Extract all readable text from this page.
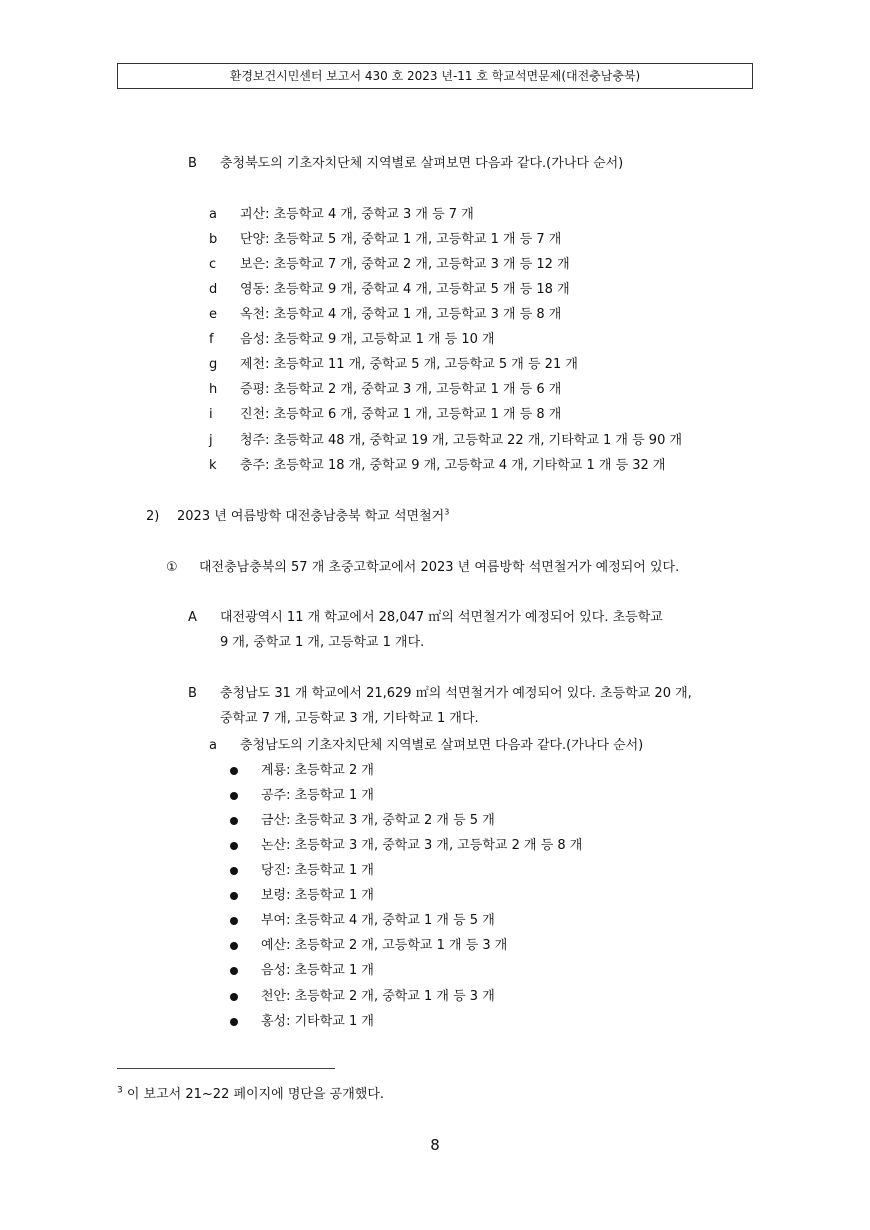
환경보건시민센터 보고서 430 호 2023 년-11 호 학교석면문제(대전충남충북)
B 충청북도의 기초자치단체 지역별로 살펴보면 다음과 같다.(가나다 순서)
a 괴산: 초등학교 4 개, 중학교 3 개 등 7 개
b 단양: 초등학교 5 개, 중학교 1 개, 고등학교 1 개 등 7 개
c 보은: 초등학교 7 개, 중학교 2 개, 고등학교 3 개 등 12 개
d 영동: 초등학교 9 개, 중학교 4 개, 고등학교 5 개 등 18 개
e 옥천: 초등학교 4 개, 중학교 1 개, 고등학교 3 개 등 8 개
f 음성: 초등학교 9 개, 고등학교 1 개 등 10 개
g 제천: 초등학교 11 개, 중학교 5 개, 고등학교 5 개 등 21 개
h 증평: 초등학교 2 개, 중학교 3 개, 고등학교 1 개 등 6 개
i 진천: 초등학교 6 개, 중학교 1 개, 고등학교 1 개 등 8 개
j 청주: 초등학교 48 개, 중학교 19 개, 고등학교 22 개, 기타학교 1 개 등 90 개
k 충주: 초등학교 18 개, 중학교 9 개, 고등학교 4 개, 기타학교 1 개 등 32 개
2) 2023 년 여름방학 대전충남충북 학교 석면철거$^3$
① 대전충남충북의 57 개 초중고학교에서 2023 년 여름방학 석면철거가 예정되어 있다.
A 대전광역시 11 개 학교에서 28,047 ㎡의 석면철거가 예정되어 있다. 초등학교
9 개, 중학교 1 개, 고등학교 1 개다.
B 충청남도 31 개 학교에서 21,629 ㎡의 석면철거가 예정되어 있다. 초등학교 20 개,
중학교 7 개, 고등학교 3 개, 기타학교 1 개다.
a 충청남도의 기초자치단체 지역별로 살펴보면 다음과 같다.(가나다 순서)
계룡: 초등학교 2 개
공주: 초등학교 1 개
금산: 초등학교 3 개, 중학교 2 개 등 5 개
논산: 초등학교 3 개, 중학교 3 개, 고등학교 2 개 등 8 개
당진: 초등학교 1 개
보령: 초등학교 1 개
부여: 초등학교 4 개, 중학교 1 개 등 5 개
예산: 초등학교 2 개, 고등학교 1 개 등 3 개
음성: 초등학교 1 개
천안: 초등학교 2 개, 중학교 1 개 등 3 개
홍성: 기타학교 1 개
$^3$ 이 보고서 21~22 페이지에 명단을 공개했다.
8
